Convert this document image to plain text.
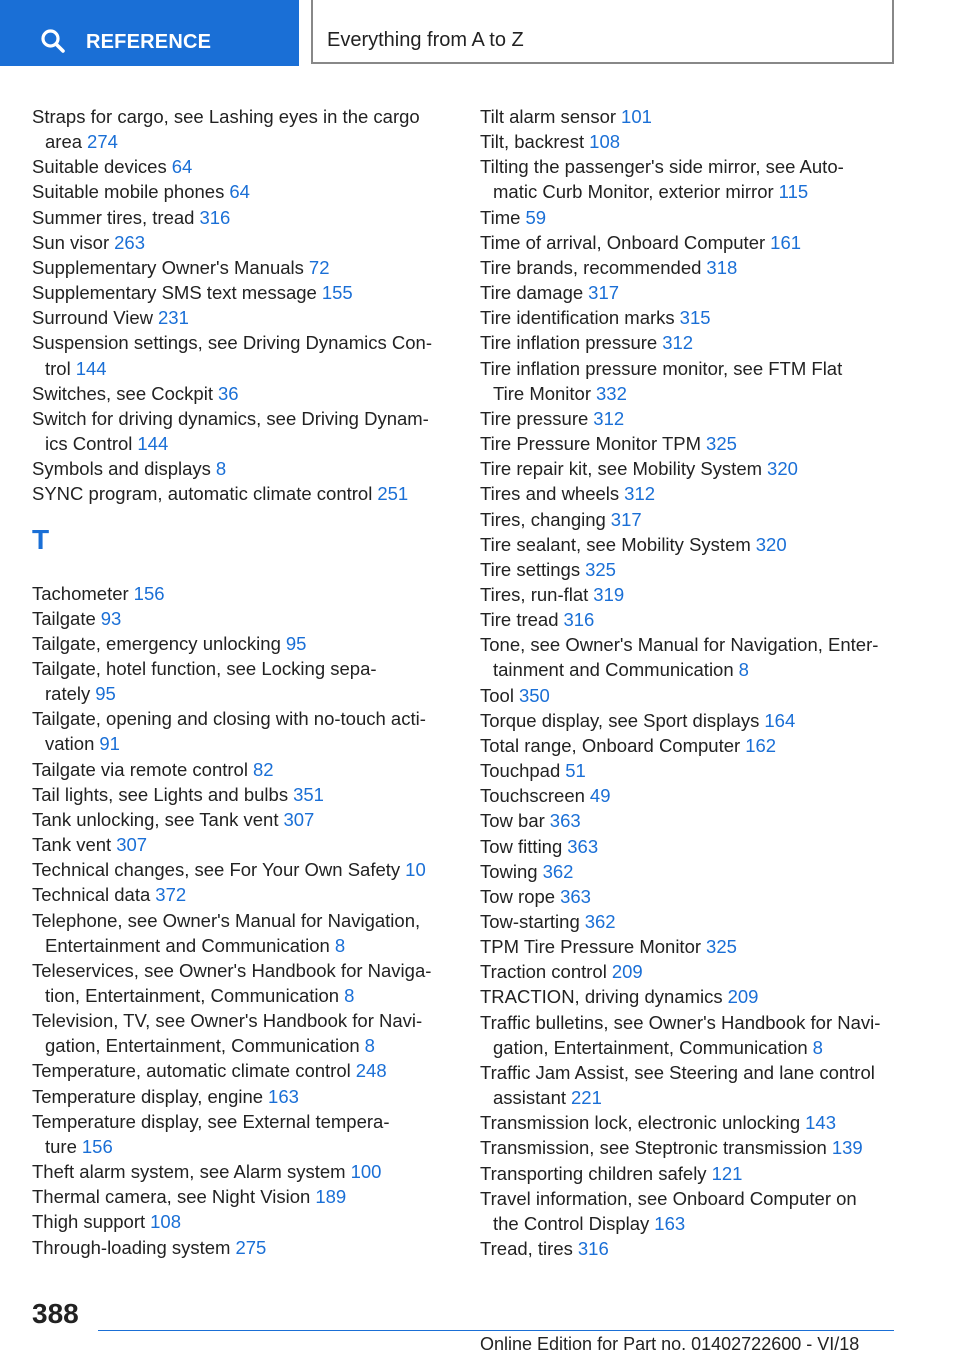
REFERENCE	Everything from A to Z
Straps for cargo, see Lashing eyes in the cargo
area 274
Suitable devices 64
Suitable mobile phones 64
Summer tires, tread 316
Sun visor 263
Supplementary Owner's Manuals 72
Supplementary SMS text message 155
Surround View 231
Suspension settings, see Driving Dynamics Con-
trol 144
Switches, see Cockpit 36
Switch for driving dynamics, see Driving Dynam-
ics Control 144
Symbols and displays 8
SYNC program, automatic climate control 251
T
Tachometer 156
Tailgate 93
Tailgate, emergency unlocking 95
Tailgate, hotel function, see Locking sepa-
rately 95
Tailgate, opening and closing with no-touch acti-
vation 91
Tailgate via remote control 82
Tail lights, see Lights and bulbs 351
Tank unlocking, see Tank vent 307
Tank vent 307
Technical changes, see For Your Own Safety 10
Technical data 372
Telephone, see Owner's Manual for Navigation,
Entertainment and Communication 8
Teleservices, see Owner's Handbook for Naviga-
tion, Entertainment, Communication 8
Television, TV, see Owner's Handbook for Navi-
gation, Entertainment, Communication 8
Temperature, automatic climate control 248
Temperature display, engine 163
Temperature display, see External tempera-
ture 156
Theft alarm system, see Alarm system 100
Thermal camera, see Night Vision 189
Thigh support 108
Through-loading system 275
Tilt alarm sensor 101
Tilt, backrest 108
Tilting the passenger's side mirror, see Auto-
matic Curb Monitor, exterior mirror 115
Time 59
Time of arrival, Onboard Computer 161
Tire brands, recommended 318
Tire damage 317
Tire identification marks 315
Tire inflation pressure 312
Tire inflation pressure monitor, see FTM Flat
Tire Monitor 332
Tire pressure 312
Tire Pressure Monitor TPM 325
Tire repair kit, see Mobility System 320
Tires and wheels 312
Tires, changing 317
Tire sealant, see Mobility System 320
Tire settings 325
Tires, run-flat 319
Tire tread 316
Tone, see Owner's Manual for Navigation, Enter-
tainment and Communication 8
Tool 350
Torque display, see Sport displays 164
Total range, Onboard Computer 162
Touchpad 51
Touchscreen 49
Tow bar 363
Tow fitting 363
Towing 362
Tow rope 363
Tow-starting 362
TPM Tire Pressure Monitor 325
Traction control 209
TRACTION, driving dynamics 209
Traffic bulletins, see Owner's Handbook for Navi-
gation, Entertainment, Communication 8
Traffic Jam Assist, see Steering and lane control
assistant 221
Transmission lock, electronic unlocking 143
Transmission, see Steptronic transmission 139
Transporting children safely 121
Travel information, see Onboard Computer on
the Control Display 163
Tread, tires 316
388
Online Edition for Part no. 01402722600 - VI/18
